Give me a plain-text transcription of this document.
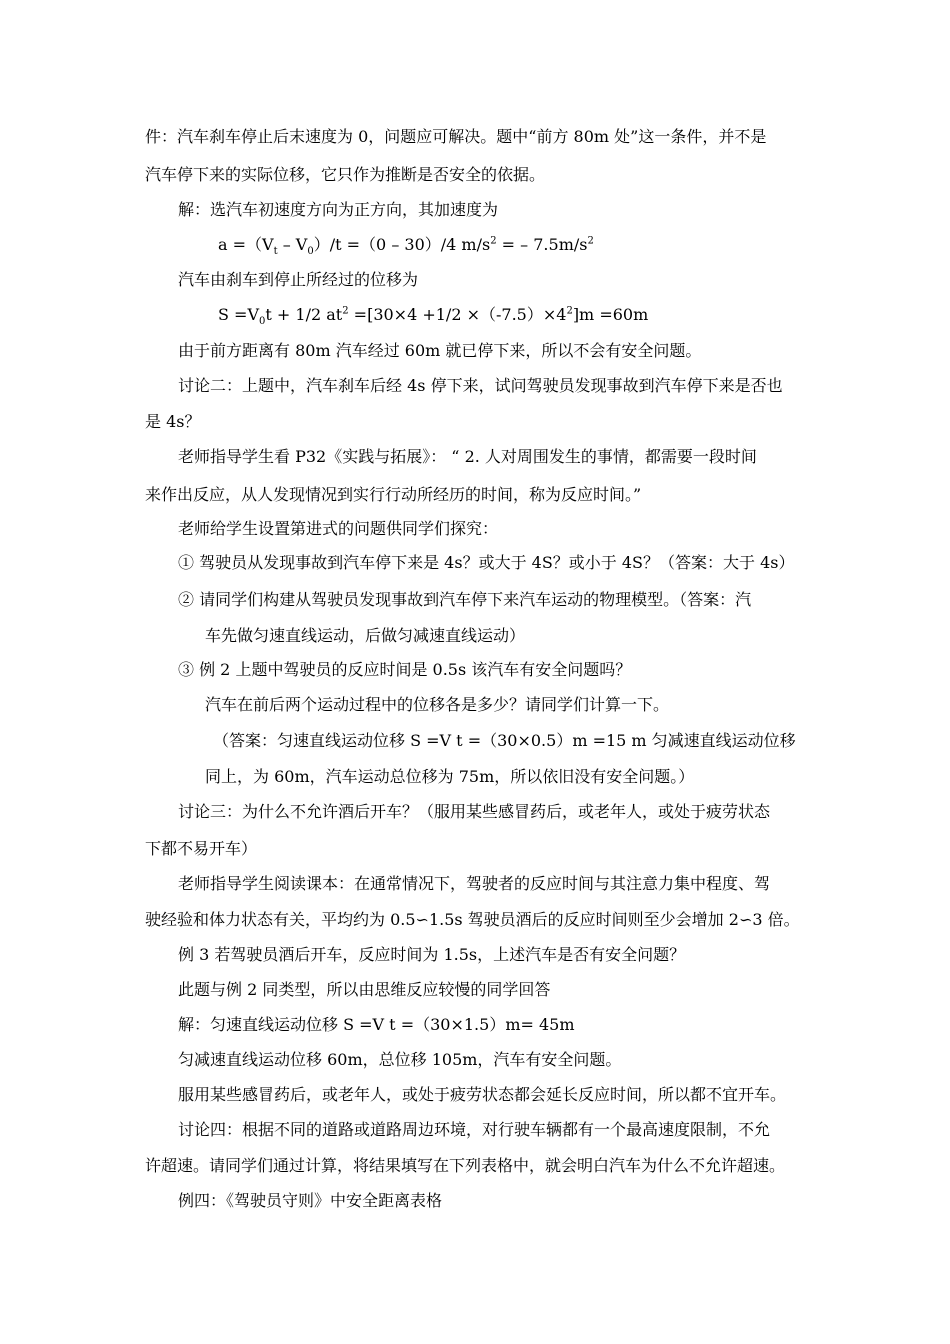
件：汽车刹车停止后末速度为 0，问题应可解决。题中“前方 80m 处”这一条件，并不是
汽车停下来的实际位移，它只作为推断是否安全的依据。
解：选汽车初速度方向为正方向，其加速度为
$a =(V_t - V_0)/t =(0 - 30)/4$ $m/s^2$ = – $7.5m/s^2$
汽车由刹车到停止所经过的位移为
$S =V_0t + 1/2$ $at^2 =[30\times 4 +1/2 \times(-7.5)\times 4^2]m =60m$
由于前方距离有 80m 汽车经过 60m 就已停下来，所以不会有安全问题。
讨论二：上题中，汽车刹车后经 4s 停下来，试问驾驶员发现事故到汽车停下来是否也
是 4s？
老师指导学生看 P32《实践与拓展》： “ 2. 人对周围发生的事情，都需要一段时间
来作出反应，从人发现情况到实行行动所经历的时间，称为反应时间。”
老师给学生设置第进式的问题供同学们探究：
① 驾驶员从发现事故到汽车停下来是 4s？或大于 4S？或小于 4S？（答案：大于 4s）
② 请同学们构建从驾驶员发现事故到汽车停下来汽车运动的物理模型。（答案：汽
车先做匀速直线运动，后做匀减速直线运动）
③ 例 2 上题中驾驶员的反应时间是 0.5s 该汽车有安全问题吗？
汽车在前后两个运动过程中的位移各是多少？请同学们计算一下。
（答案：匀速直线运动位移 S =V t =（30×0.5）m =15 m 匀减速直线运动位移
同上，为 60m，汽车运动总位移为 75m，所以依旧没有安全问题。）
讨论三：为什么不允许酒后开车？（服用某些感冒药后，或老年人，或处于疲劳状态
下都不易开车）
老师指导学生阅读课本：在通常情况下，驾驶者的反应时间与其注意力集中程度、驾
驶经验和体力状态有关，平均约为 0.5∽1.5s 驾驶员酒后的反应时间则至少会增加 2∽3 倍。
例 3 若驾驶员酒后开车，反应时间为 1.5s，上述汽车是否有安全问题？
此题与例 2 同类型，所以由思维反应较慢的同学回答
解：匀速直线运动位移 S =V t =（30×1.5）m= 45m
匀减速直线运动位移 60m，总位移 105m，汽车有安全问题。
服用某些感冒药后，或老年人，或处于疲劳状态都会延长反应时间，所以都不宜开车。
讨论四：根据不同的道路或道路周边环境，对行驶车辆都有一个最高速度限制，不允
许超速。请同学们通过计算，将结果填写在下列表格中，就会明白汽车为什么不允许超速。
例四：《驾驶员守则》中安全距离表格
